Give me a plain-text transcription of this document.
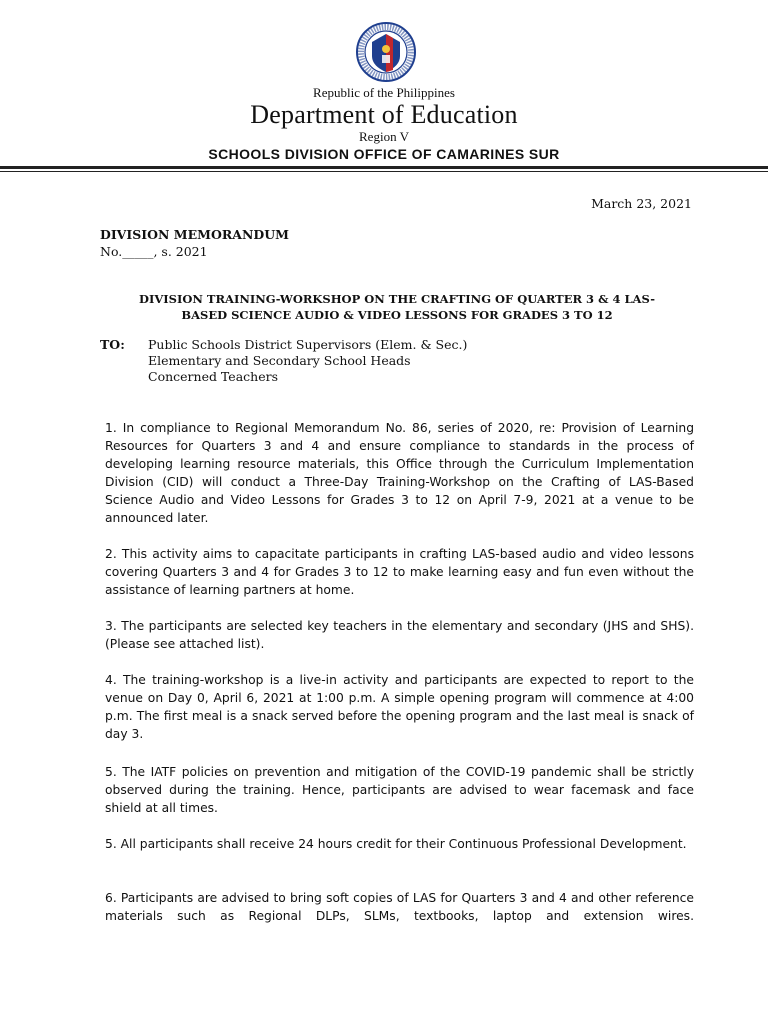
Republic of the Philippines
Department of Education
Region V
SCHOOLS DIVISION OFFICE OF CAMARINES SUR
March 23, 2021
DIVISION MEMORANDUM
No._____, s. 2021
DIVISION TRAINING-WORKSHOP ON THE CRAFTING OF QUARTER 3 & 4 LAS-
BASED SCIENCE AUDIO & VIDEO LESSONS FOR GRADES 3 TO 12
TO: Public Schools District Supervisors (Elem. & Sec.)
Elementary and Secondary School Heads
Concerned Teachers
1. In compliance to Regional Memorandum No. 86, series of 2020, re: Provision of Learning Resources for Quarters 3 and 4 and ensure compliance to standards in the process of developing learning resource materials, this Office through the Curriculum Implementation Division (CID) will conduct a Three-Day Training-Workshop on the Crafting of LAS-Based Science Audio and Video Lessons for Grades 3 to 12 on April 7-9, 2021 at a venue to be announced later.
2. This activity aims to capacitate participants in crafting LAS-based audio and video lessons covering Quarters 3 and 4 for Grades 3 to 12 to make learning easy and fun even without the assistance of learning partners at home.
3. The participants are selected key teachers in the elementary and secondary (JHS and SHS). (Please see attached list).
4. The training-workshop is a live-in activity and participants are expected to report to the venue on Day 0, April 6, 2021 at 1:00 p.m. A simple opening program will commence at 4:00 p.m. The first meal is a snack served before the opening program and the last meal is snack of day 3.
5. The IATF policies on prevention and mitigation of the COVID-19 pandemic shall be strictly observed during the training. Hence, participants are advised to wear facemask and face shield at all times.
5. All participants shall receive 24 hours credit for their Continuous Professional Development.
6. Participants are advised to bring soft copies of LAS for Quarters 3 and 4 and other reference materials such as Regional DLPs, SLMs, textbooks, laptop and extension wires.
